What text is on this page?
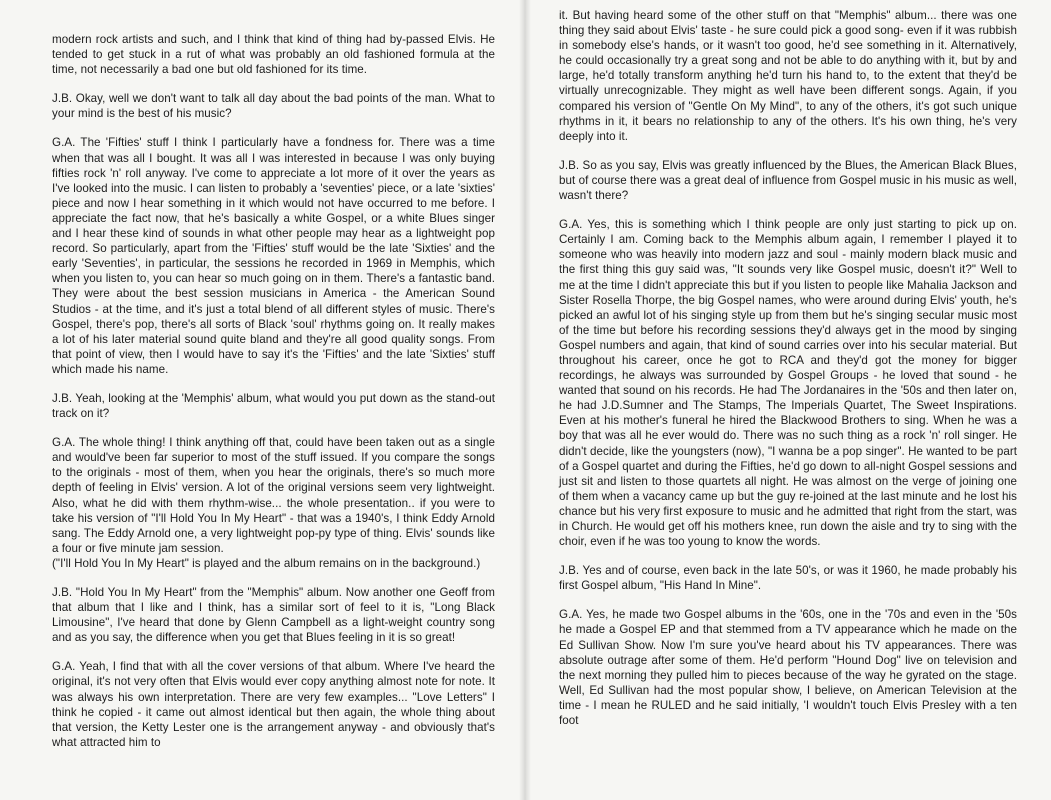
modern rock artists and such, and I think that kind of thing had by-passed Elvis. He tended to get stuck in a rut of what was probably an old fashioned formula at the time, not necessarily a bad one but old fashioned for its time.

J.B. Okay, well we don't want to talk all day about the bad points of the man. What to your mind is the best of his music?

G.A. The 'Fifties' stuff I think I particularly have a fondness for. There was a time when that was all I bought. It was all I was interested in because I was only buying fifties rock 'n' roll anyway. I've come to appreciate a lot more of it over the years as I've looked into the music. I can listen to probably a 'seventies' piece, or a late 'sixties' piece and now I hear something in it which would not have occurred to me before. I appreciate the fact now, that he's basically a white Gospel, or a white Blues singer and I hear these kind of sounds in what other people may hear as a lightweight pop record. So particularly, apart from the 'Fifties' stuff would be the late 'Sixties' and the early 'Seventies', in particular, the sessions he recorded in 1969 in Memphis, which when you listen to, you can hear so much going on in them. There's a fantastic band. They were about the best session musicians in America - the American Sound Studios - at the time, and it's just a total blend of all different styles of music. There's Gospel, there's pop, there's all sorts of Black 'soul' rhythms going on. It really makes a lot of his later material sound quite bland and they're all good quality songs. From that point of view, then I would have to say it's the 'Fifties' and the late 'Sixties' stuff which made his name.

J.B. Yeah, looking at the 'Memphis' album, what would you put down as the stand-out track on it?

G.A. The whole thing! I think anything off that, could have been taken out as a single and would've been far superior to most of the stuff issued. If you compare the songs to the originals - most of them, when you hear the originals, there's so much more depth of feeling in Elvis' version. A lot of the original versions seem very lightweight. Also, what he did with them rhythm-wise... the whole presentation.. if you were to take his version of "I'll Hold You In My Heart" - that was a 1940's, I think Eddy Arnold sang. The Eddy Arnold one, a very lightweight pop-py type of thing. Elvis' sounds like a four or five minute jam session.

("I'll Hold You In My Heart" is played and the album remains on in the background.)

J.B. "Hold You In My Heart" from the "Memphis" album. Now another one Geoff from that album that I like and I think, has a similar sort of feel to it is, "Long Black Limousine", I've heard that done by Glenn Campbell as a light-weight country song and as you say, the difference when you get that Blues feeling in it is so great!

G.A. Yeah, I find that with all the cover versions of that album. Where I've heard the original, it's not very often that Elvis would ever copy anything almost note for note. It was always his own interpretation. There are very few examples... "Love Letters" I think he copied - it came out almost identical but then again, the whole thing about that version, the Ketty Lester one is the arrangement anyway - and obviously that's what attracted him to

it. But having heard some of the other stuff on that "Memphis" album... there was one thing they said about Elvis' taste - he sure could pick a good song- even if it was rubbish in somebody else's hands, or it wasn't too good, he'd see something in it. Alternatively, he could occasionally try a great song and not be able to do anything with it, but by and large, he'd totally transform anything he'd turn his hand to, to the extent that they'd be virtually unrecognizable. They might as well have been different songs. Again, if you compared his version of "Gentle On My Mind", to any of the others, it's got such unique rhythms in it, it bears no relationship to any of the others. It's his own thing, he's very deeply into it.

J.B. So as you say, Elvis was greatly influenced by the Blues, the American Black Blues, but of course there was a great deal of influence from Gospel music in his music as well, wasn't there?

G.A. Yes, this is something which I think people are only just starting to pick up on. Certainly I am. Coming back to the Memphis album again, I remember I played it to someone who was heavily into modern jazz and soul - mainly modern black music and the first thing this guy said was, "It sounds very like Gospel music, doesn't it?" Well to me at the time I didn't appreciate this but if you listen to people like Mahalia Jackson and Sister Rosella Thorpe, the big Gospel names, who were around during Elvis' youth, he's picked an awful lot of his singing style up from them but he's singing secular music most of the time but before his recording sessions they'd always get in the mood by singing Gospel numbers and again, that kind of sound carries over into his secular material. But throughout his career, once he got to RCA and they'd got the money for bigger recordings, he always was surrounded by Gospel Groups - he loved that sound - he wanted that sound on his records. He had The Jordanaires in the '50s and then later on, he had J.D.Sumner and The Stamps, The Imperials Quartet, The Sweet Inspirations. Even at his mother's funeral he hired the Blackwood Brothers to sing. When he was a boy that was all he ever would do. There was no such thing as a rock 'n' roll singer. He didn't decide, like the youngsters (now), "I wanna be a pop singer". He wanted to be part of a Gospel quartet and during the Fifties, he'd go down to all-night Gospel sessions and just sit and listen to those quartets all night. He was almost on the verge of joining one of them when a vacancy came up but the guy re-joined at the last minute and he lost his chance but his very first exposure to music and he admitted that right from the start, was in Church. He would get off his mothers knee, run down the aisle and try to sing with the choir, even if he was too young to know the words.

J.B. Yes and of course, even back in the late 50's, or was it 1960, he made probably his first Gospel album, "His Hand In Mine".

G.A. Yes, he made two Gospel albums in the '60s, one in the '70s and even in the '50s he made a Gospel EP and that stemmed from a TV appearance which he made on the Ed Sullivan Show. Now I'm sure you've heard about his TV appearances. There was absolute outrage after some of them. He'd perform "Hound Dog" live on television and the next morning they pulled him to pieces because of the way he gyrated on the stage. Well, Ed Sullivan had the most popular show, I believe, on American Television at the time - I mean he RULED and he said initially, 'I wouldn't touch Elvis Presley with a ten foot
